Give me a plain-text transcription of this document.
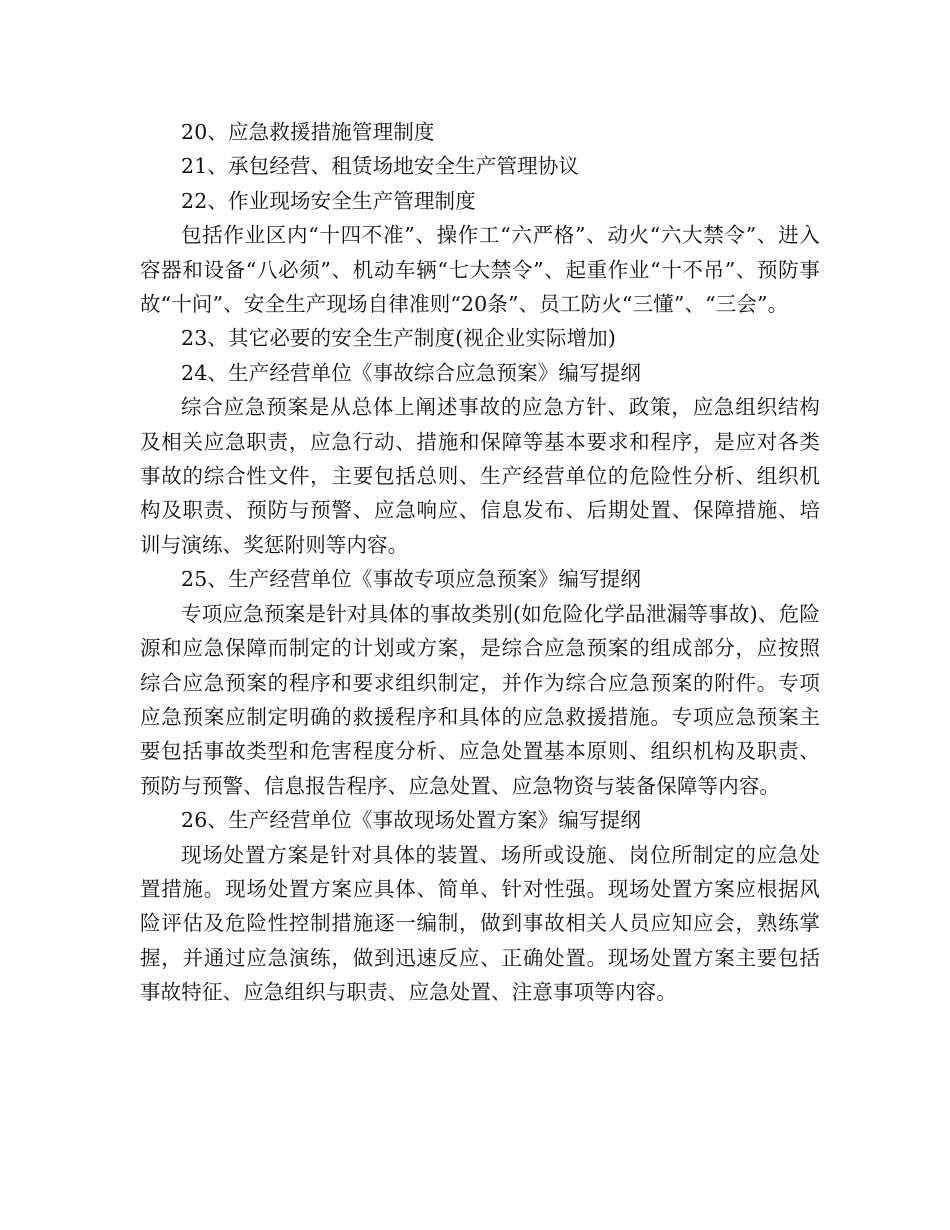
20、应急救援措施管理制度

21、承包经营、租赁场地安全生产管理协议

22、作业现场安全生产管理制度

包括作业区内“十四不准”、操作工“六严格”、动火“六大禁令”、进入容器和设备“八必须”、机动车辆“七大禁令”、起重作业“十不吊”、预防事故“十问”、安全生产现场自律准则“20条”、员工防火“三懂”、“三会”。

23、其它必要的安全生产制度(视企业实际增加)

24、生产经营单位《事故综合应急预案》编写提纲

综合应急预案是从总体上阐述事故的应急方针、政策，应急组织结构及相关应急职责，应急行动、措施和保障等基本要求和程序，是应对各类事故的综合性文件，主要包括总则、生产经营单位的危险性分析、组织机构及职责、预防与预警、应急响应、信息发布、后期处置、保障措施、培训与演练、奖惩附则等内容。

25、生产经营单位《事故专项应急预案》编写提纲

专项应急预案是针对具体的事故类别(如危险化学品泄漏等事故)、危险源和应急保障而制定的计划或方案，是综合应急预案的组成部分，应按照综合应急预案的程序和要求组织制定，并作为综合应急预案的附件。专项应急预案应制定明确的救援程序和具体的应急救援措施。专项应急预案主要包括事故类型和危害程度分析、应急处置基本原则、组织机构及职责、预防与预警、信息报告程序、应急处置、应急物资与装备保障等内容。

26、生产经营单位《事故现场处置方案》编写提纲

现场处置方案是针对具体的装置、场所或设施、岗位所制定的应急处置措施。现场处置方案应具体、简单、针对性强。现场处置方案应根据风险评估及危险性控制措施逐一编制，做到事故相关人员应知应会，熟练掌握，并通过应急演练，做到迅速反应、正确处置。现场处置方案主要包括事故特征、应急组织与职责、应急处置、注意事项等内容。
